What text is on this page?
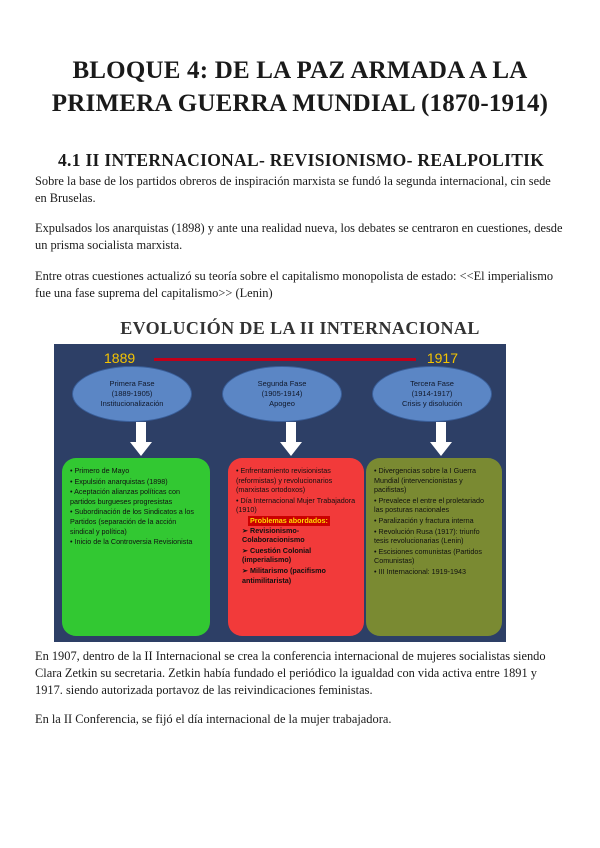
BLOQUE 4: DE LA PAZ ARMADA A LA
PRIMERA GUERRA MUNDIAL (1870-1914)
4.1 II INTERNACIONAL- REVISIONISMO- REALPOLITIK
Sobre la base de los partidos obreros de inspiración marxista se fundó la segunda internacional, cin sede en Bruselas.
Expulsados los anarquistas (1898) y ante una realidad nueva, los debates se centraron en cuestiones, desde un prisma socialista marxista.
Entre otras cuestiones actualizó su teoría sobre el capitalismo monopolista de estado: <<El imperialismo fue una fase suprema del capitalismo>> (Lenin)
EVOLUCIÓN DE LA II INTERNACIONAL
1889	1917
Primera Fase
(1889-1905)
Institucionalización
Segunda Fase
(1905-1914)
Apogeo
Tercera Fase
(1914-1917)
Crisis y disolución
• Primero de Mayo
• Expulsión anarquistas (1898)
• Aceptación alianzas políticas con partidos burgueses progresistas
• Subordinación de los Sindicatos a los Partidos (separación de la acción sindical y política)
• Inicio de la Controversia Revisionista
• Enfrentamiento revisionistas (reformistas) y revolucionarios (marxistas ortodoxos)
• Día Internacional Mujer Trabajadora (1910)
Problemas abordados:
➢ Revisionismo-Colaboracionismo
➢ Cuestión Colonial (imperialismo)
➢ Militarismo (pacifismo antimilitarista)
• Divergencias sobre la I Guerra Mundial (intervencionistas y pacifistas)
• Prevalece el entre el proletariado las posturas nacionales
• Paralización y fractura interna
• Revolución Rusa (1917): triunfo tesis revolucionarias (Lenin)
• Escisiones comunistas (Partidos Comunistas)
• III Internacional: 1919-1943
En 1907, dentro de la II Internacional se crea la conferencia internacional de mujeres socialistas siendo Clara Zetkin su secretaria. Zetkin había fundado el periódico la igualdad con vida activa entre 1891 y 1917. siendo autorizada portavoz de las reivindicaciones feministas.
En la II Conferencia, se fijó el día internacional de la mujer trabajadora.
